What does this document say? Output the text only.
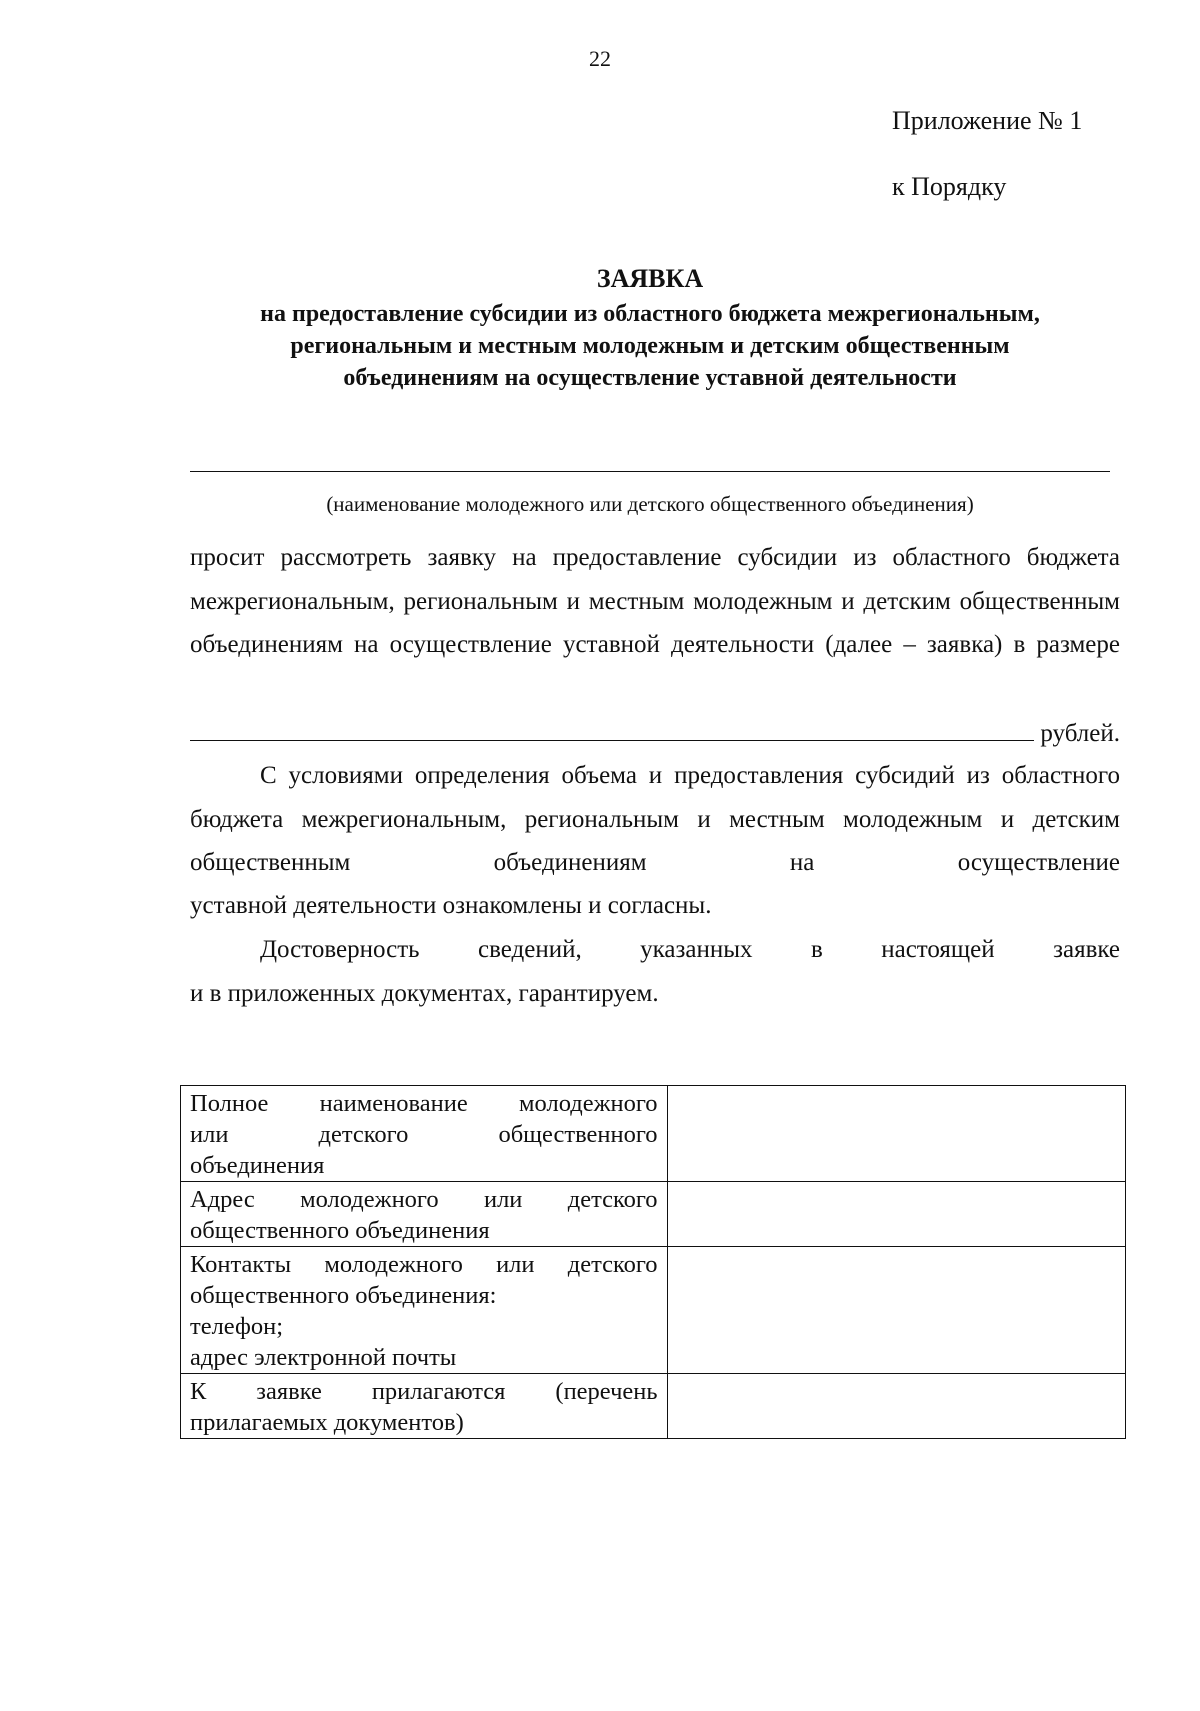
22
Приложение № 1
к Порядку
ЗАЯВКА
на предоставление субсидии из областного бюджета межрегиональным,
региональным и местным молодежным и детским общественным
объединениям на осуществление уставной деятельности
(наименование молодежного или детского общественного объединения)
просит рассмотреть заявку на предоставление субсидии из областного бюджета межрегиональным, региональным и местным молодежным и детским общественным объединениям на осуществление уставной деятельности (далее – заявка) в размере
рублей.
С условиями определения объема и предоставления субсидий из областного бюджета межрегиональным, региональным и местным молодежным и детским общественным объединениям на осуществление
уставной деятельности ознакомлены и согласны.
Достоверность сведений, указанных в настоящей заявке
и в приложенных документах, гарантируем.
Полное наименование молодежного
или детского общественного
объединения	

Адрес молодежного или детского
общественного объединения	

Контакты молодежного или детского
общественного объединения:
телефон;
адрес электронной почты	

К заявке прилагаются (перечень
прилагаемых документов)	
